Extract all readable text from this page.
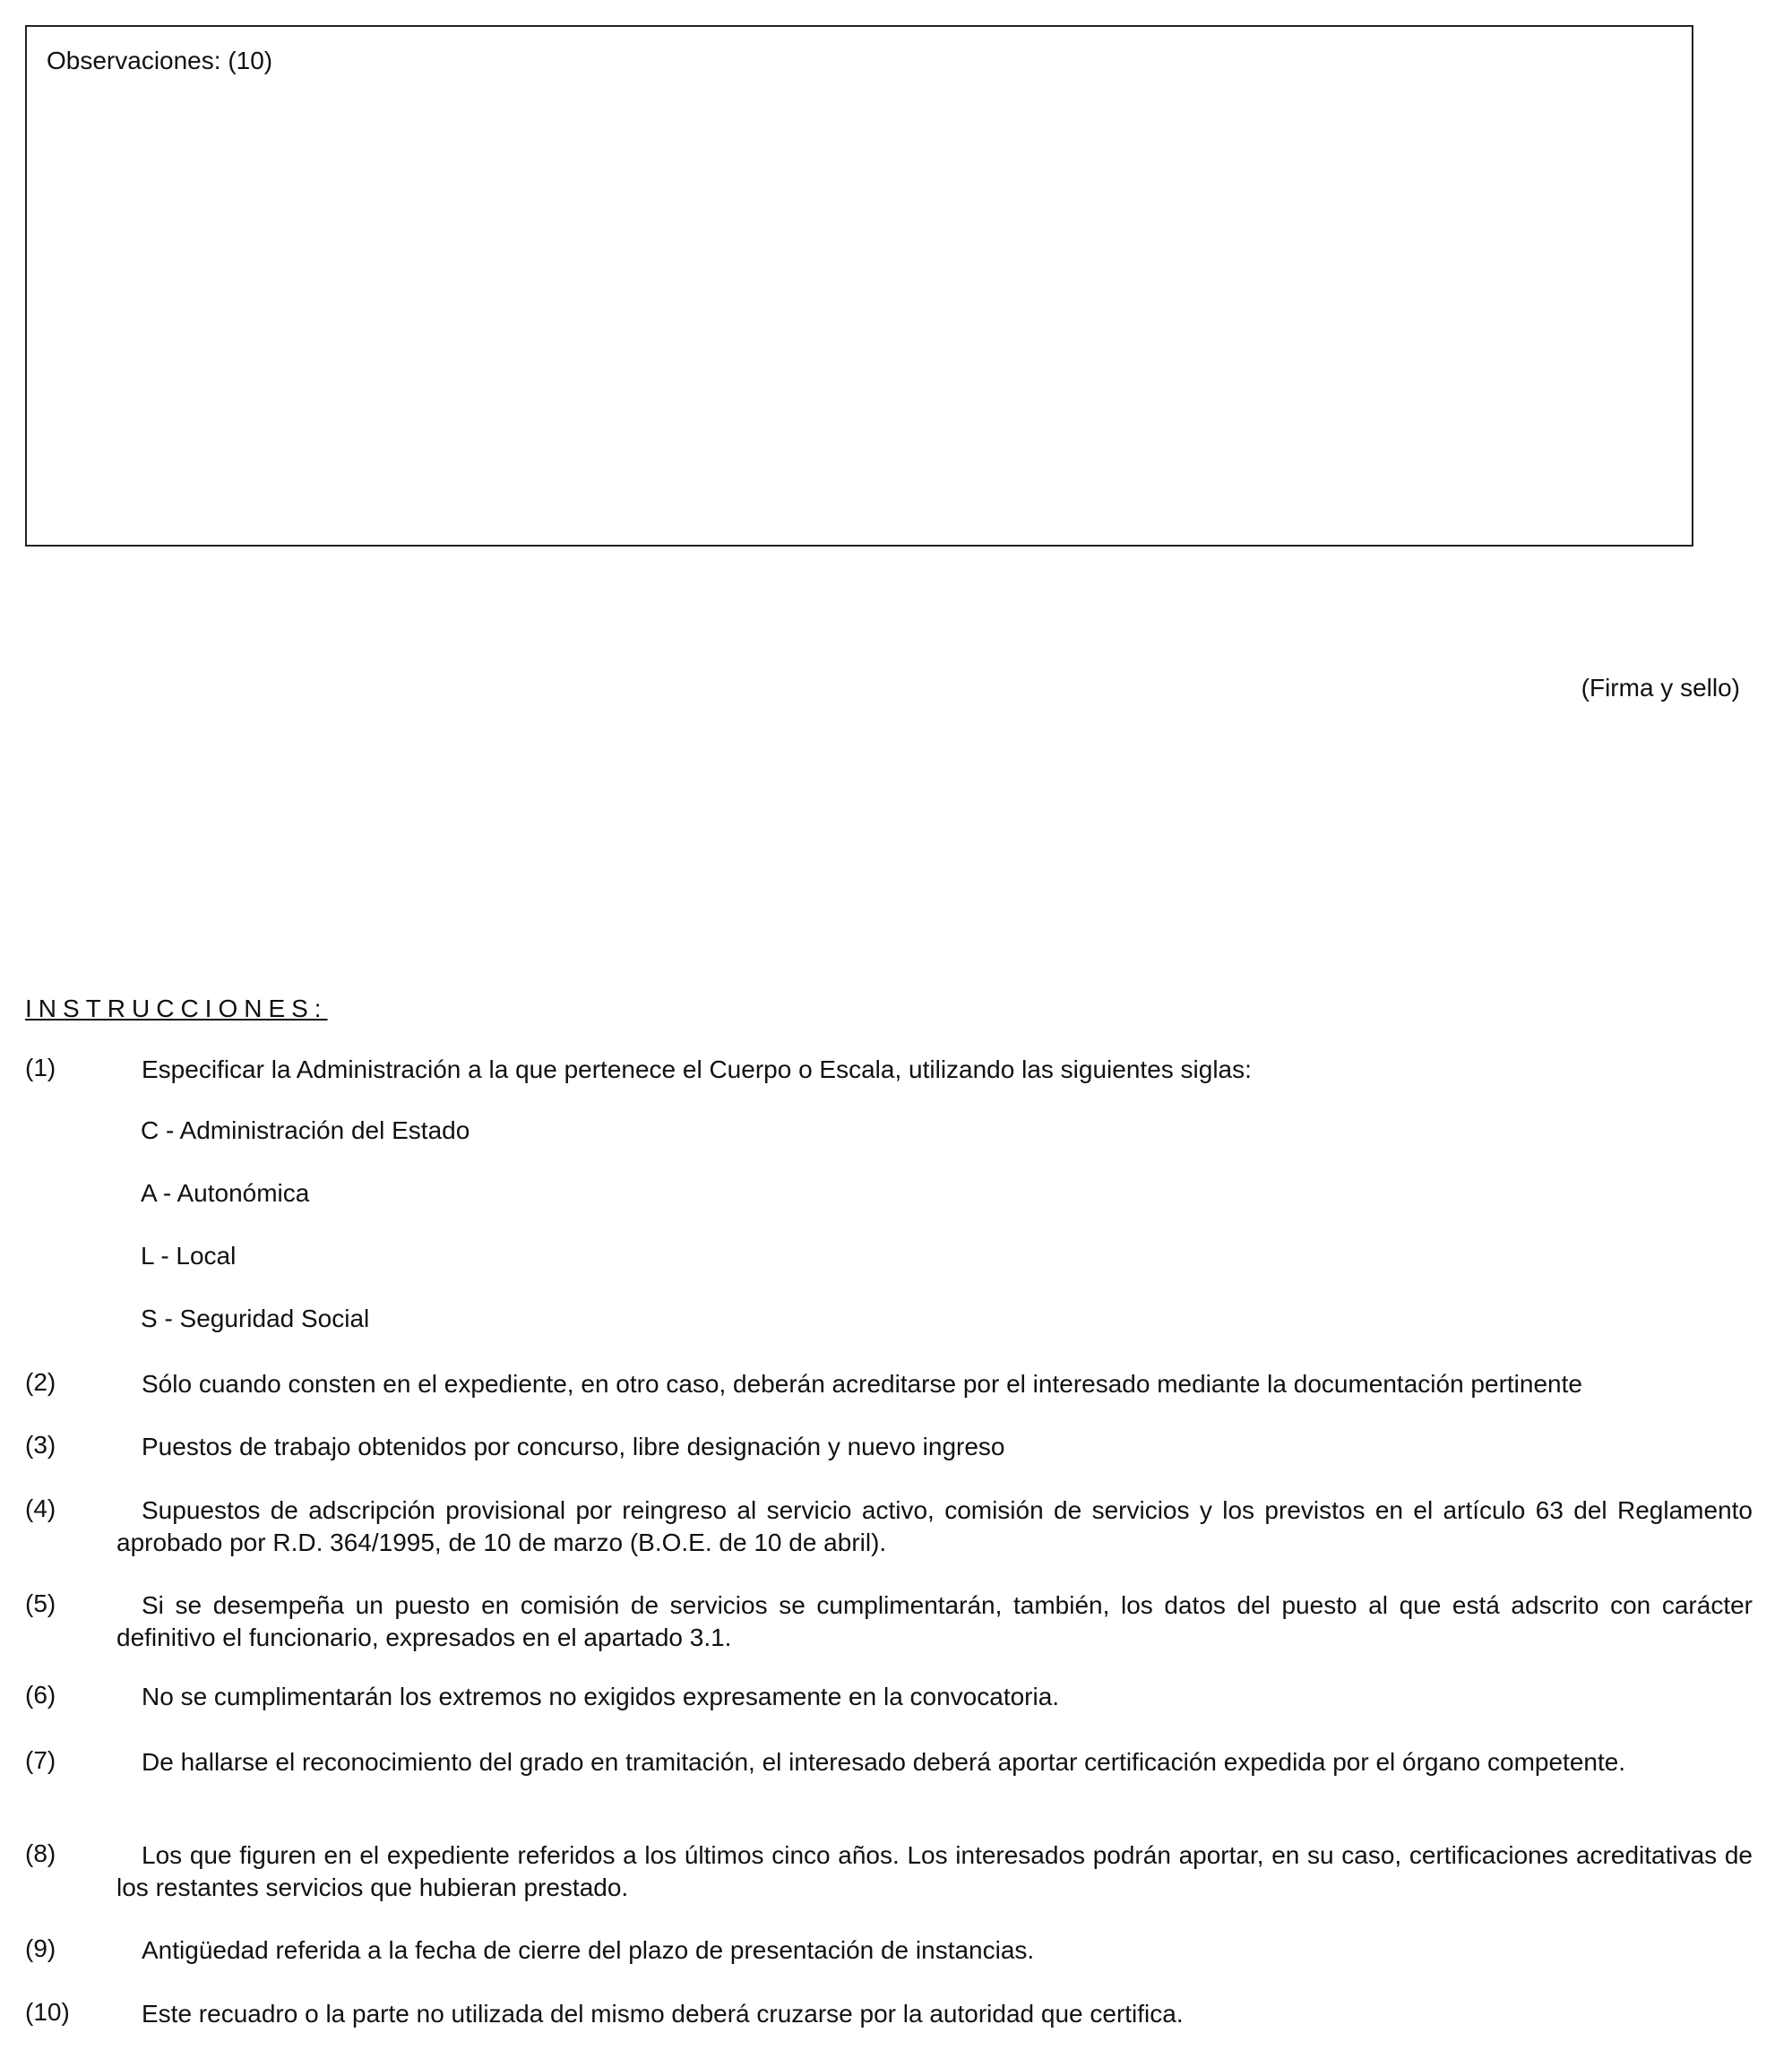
Observaciones: (10)
(Firma y sello)
INSTRUCCIONES:
(1)	Especificar la Administración a la que pertenece el Cuerpo o Escala, utilizando las siguientes siglas:
C - Administración del Estado
A - Autonómica
L - Local
S - Seguridad Social
(2)	Sólo cuando consten en el expediente, en otro caso, deberán acreditarse por el interesado mediante la documentación pertinente
(3)	Puestos de trabajo obtenidos por concurso, libre designación y nuevo ingreso
(4)	Supuestos de adscripción provisional por reingreso al servicio activo, comisión de servicios y los previstos en el artículo 63 del Reglamento aprobado por R.D. 364/1995, de 10 de marzo (B.O.E. de 10 de abril).
(5)	Si se desempeña un puesto en comisión de servicios se cumplimentarán, también, los datos del puesto al que está adscrito con carácter definitivo el funcionario, expresados en el apartado 3.1.
(6)	No se cumplimentarán los extremos no exigidos expresamente en la convocatoria.
(7)	De hallarse el reconocimiento del grado en tramitación, el interesado deberá aportar certificación expedida por el órgano competente.
(8)	Los que figuren en el expediente referidos a los últimos cinco años. Los interesados podrán aportar, en su caso, certificaciones acreditativas de los restantes servicios que hubieran prestado.
(9)	Antigüedad referida a la fecha de cierre del plazo de presentación de instancias.
(10)	Este recuadro o la parte no utilizada del mismo deberá cruzarse por la autoridad que certifica.
